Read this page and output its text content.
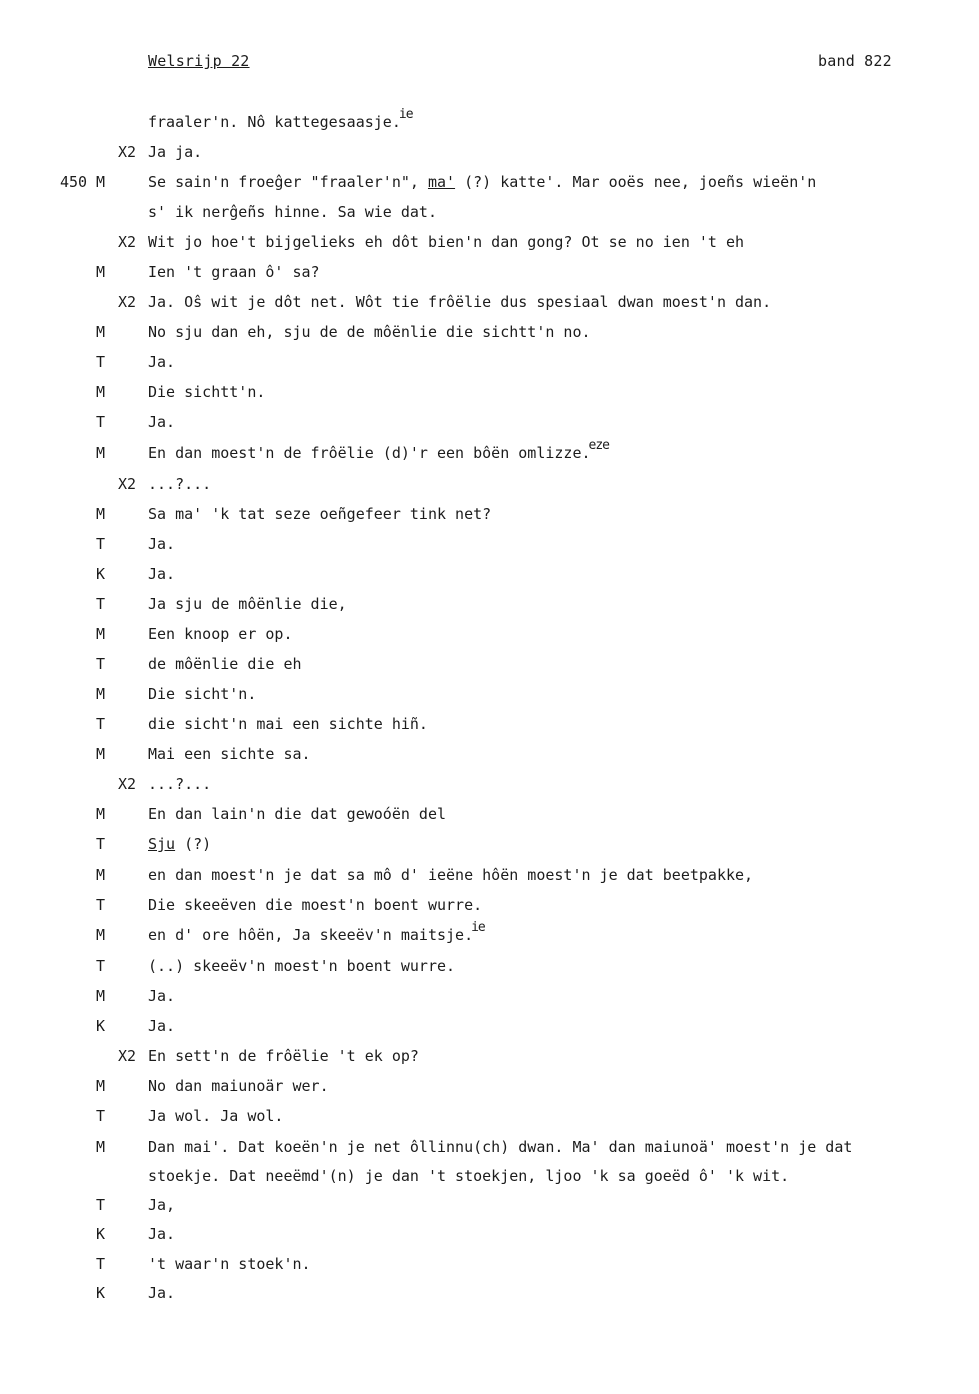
Welsrijp 22	band 822
fraaler'n. Nô kattegesaasje.ie
X2 Ja ja.
450 M	Se sain'n froeĝer "fraaler'n", ma' (?) katte'. Mar ooës nee, joeñs wieën'n
s' ik nerĝeñs hinne. Sa wie dat.
X2 Wit jo hoe't bijgelieks eh dôt bien'n dan gong? Ot se no ien 't eh
M	Ien 't graan ô' sa?
X2 Ja. Oŝ wit je dôt net. Wôt tie frôëlie dus spesiaal dwan moest'n dan.
M	No sju dan eh, sju de de môënlie die sichtt'n no.
T	Ja.
M	Die sichtt'n.
T	Ja.
M	En dan moest'n de frôëlie (d)'r een bôën omlizze.eze
X2 ...?...
M	Sa ma' 'k tat seze oeñgefeer tink net?
T	Ja.
K	Ja.
T	Ja sju de môënlie die,
M	Een knoop er op.
T	de môënlie die eh
M	Die sicht'n.
T	die sicht'n mai een sichte hiñ.
M	Mai een sichte sa.
X2 ...?...
M	En dan lain'n die dat gewoóën del
T	Sju (?)
M	en dan moest'n je dat sa mô d' ieëne hôën moest'n je dat beetpakke,
T	Die skeeëven die moest'n boent wurre.
M	en d' ore hôën, Ja skeeëv'n maitsje.ie
T	(..) skeeëv'n moest'n boent wurre.
M	Ja.
K	Ja.
X2 En sett'n de frôëlie 't ek op?
M	No dan maiunoär wer.
T	Ja wol. Ja wol.
M	Dan mai'. Dat koeën'n je net ôllinnu(ch) dwan. Ma' dan maiunoä' moest'n je dat
stoekje. Dat neeëmd'(n) je dan 't stoekjen, ljoo 'k sa goeëd ô' 'k wit.
T	Ja,
K	Ja.
T	't waar'n stoek'n.
K	Ja.
